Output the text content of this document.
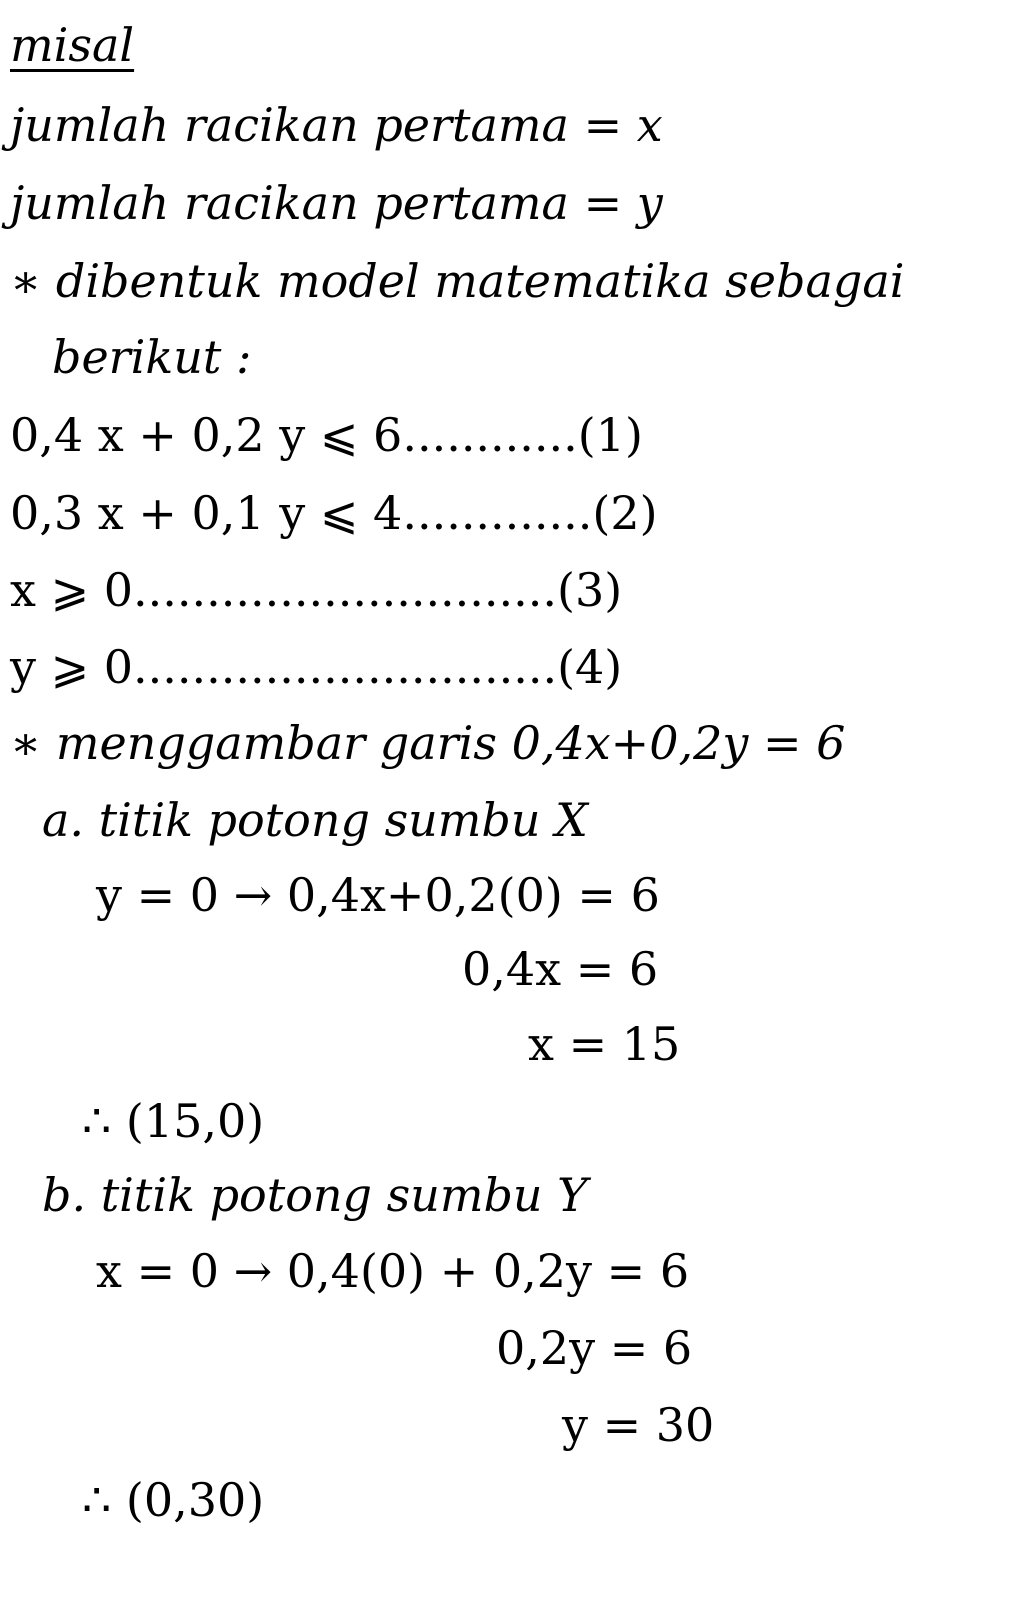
misal
jumlah racikan pertama = x
jumlah racikan pertama = y
∗ dibentuk model matematika sebagai
berikut :
0,4 x + 0,2 y ⩽ 6............(1)
0,3 x + 0,1 y ⩽ 4.............(2)
x ⩾ 0.............................(3)
y ⩾ 0.............................(4)
∗ menggambar garis 0,4x+0,2y = 6
a. titik potong sumbu X
y = 0 → 0,4x+0,2(0) = 6
0,4x = 6
x = 15
∴ (15,0)
b. titik potong sumbu Y
x = 0 → 0,4(0) + 0,2y = 6
0,2y = 6
y = 30
∴ (0,30)
